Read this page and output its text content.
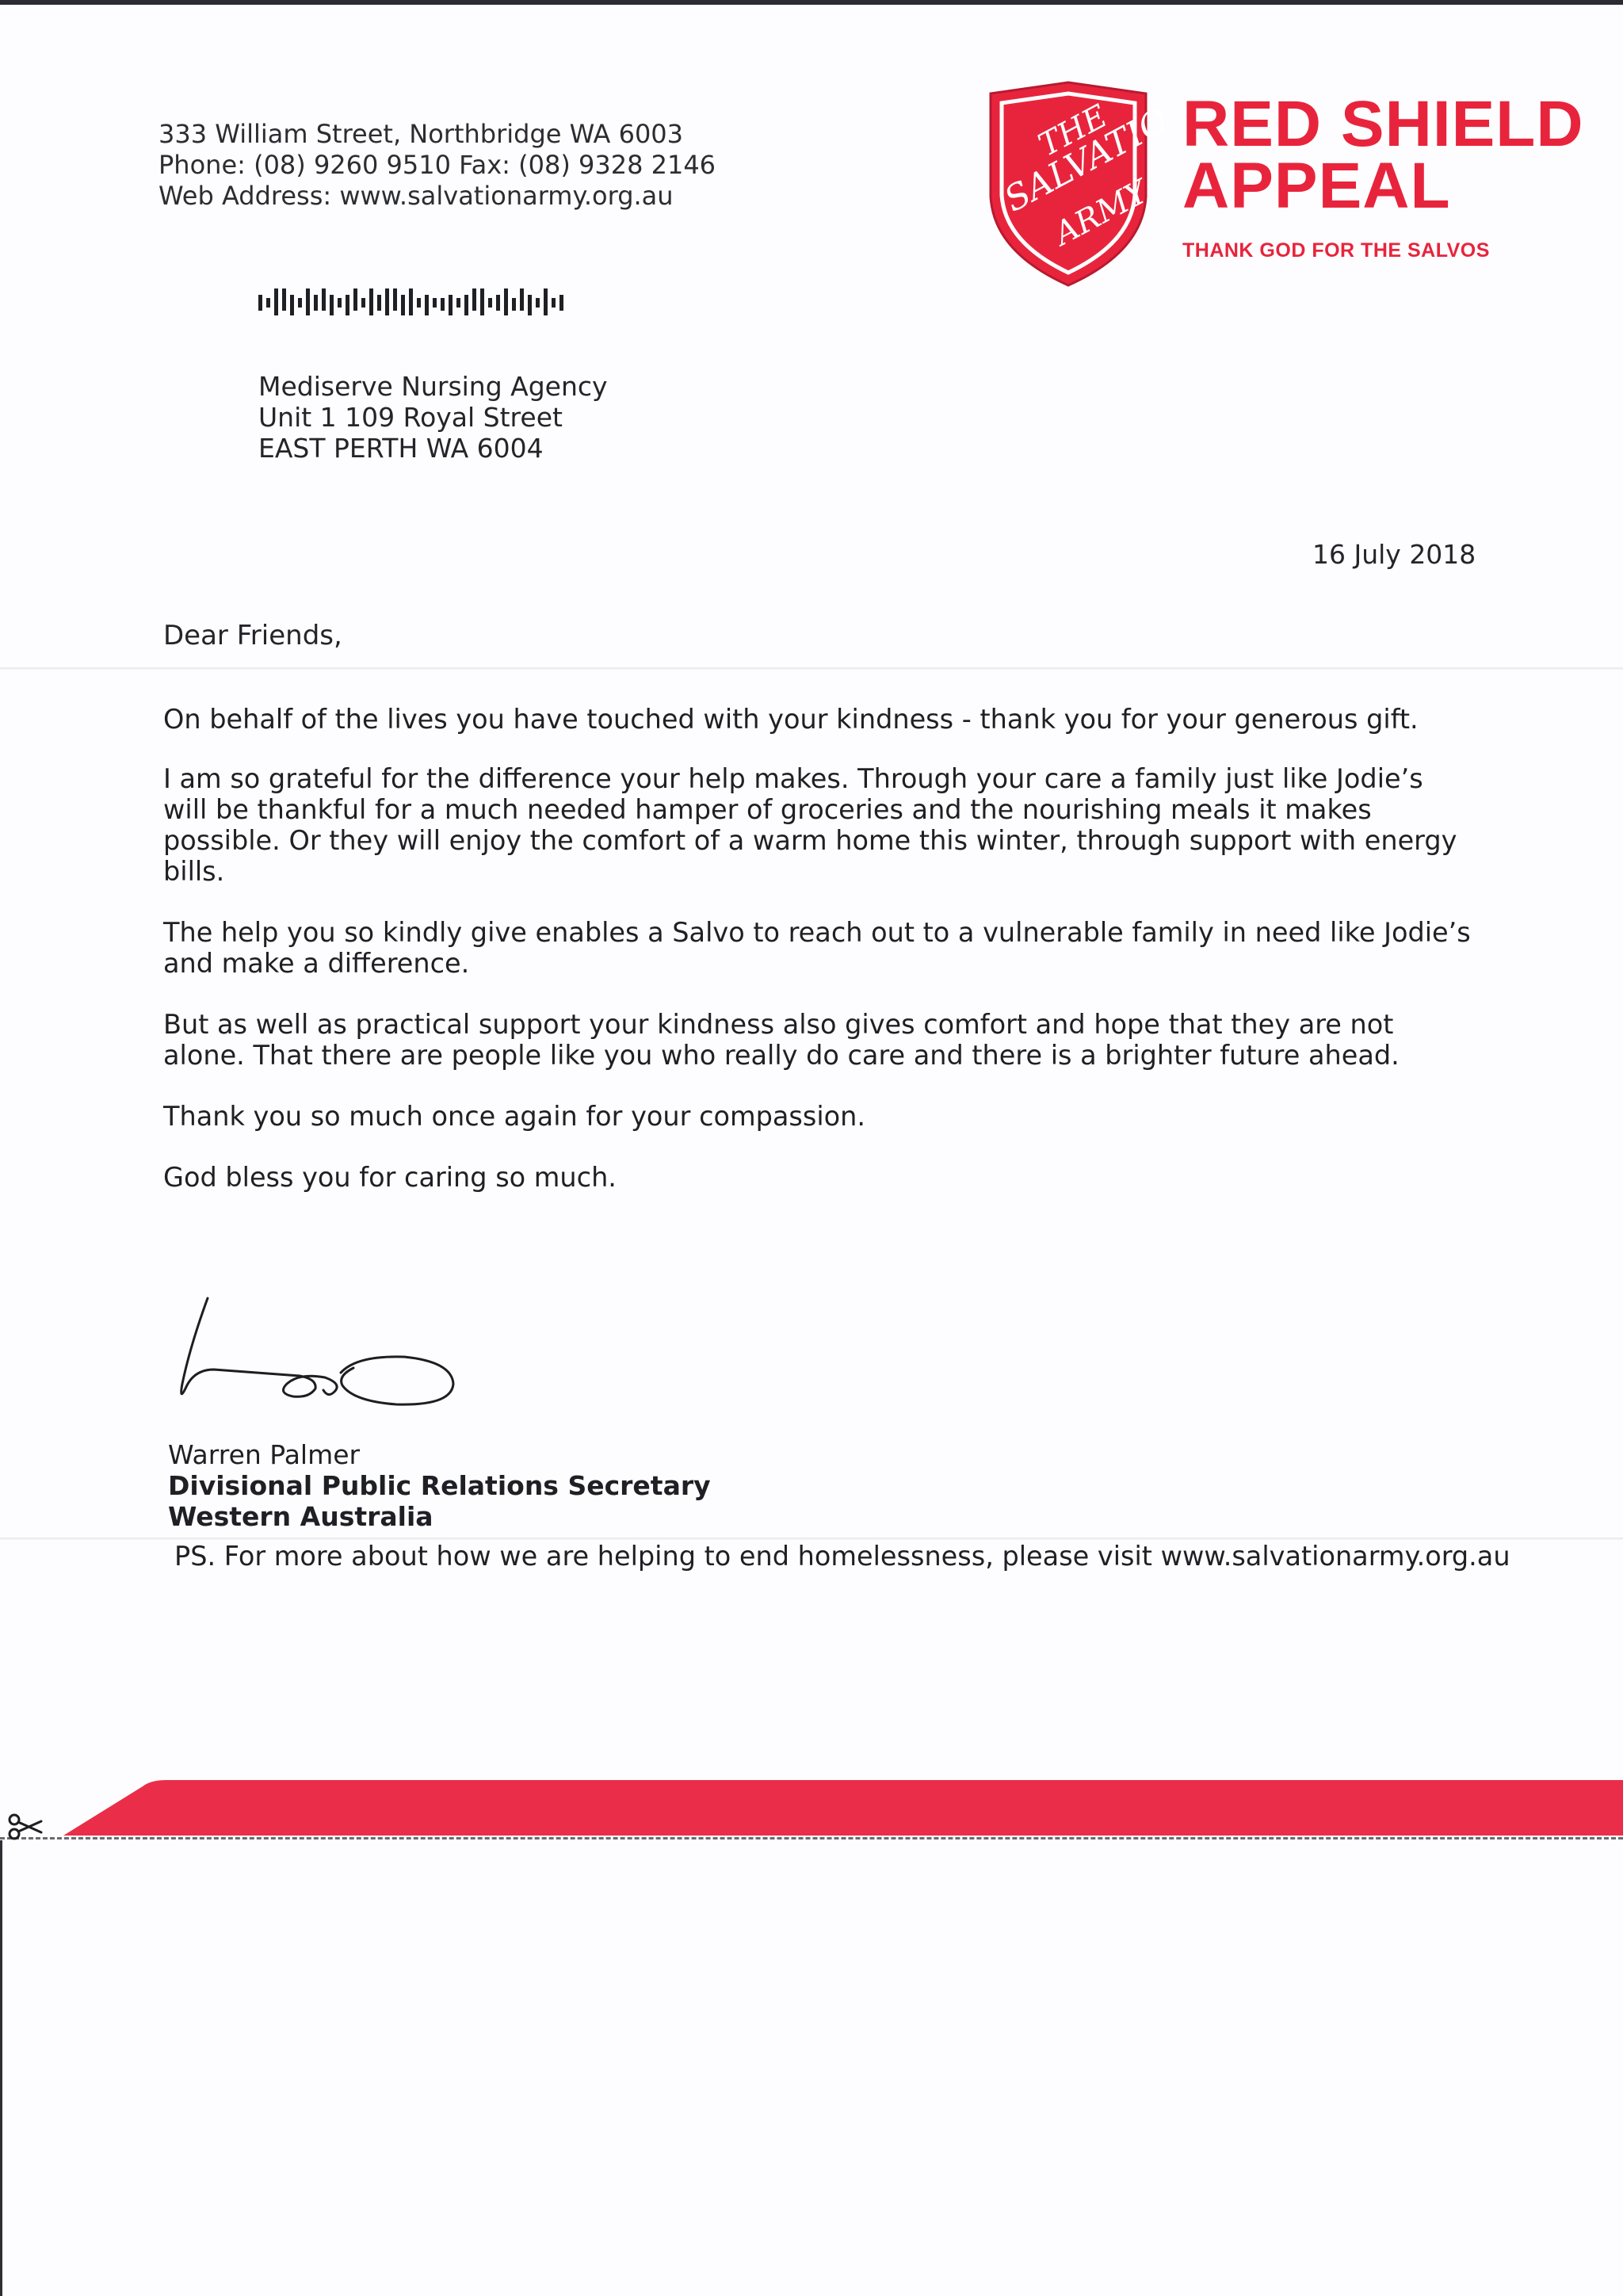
333 William Street, Northbridge WA 6003
Phone: (08) 9260 9510 Fax: (08) 9328 2146
Web Address: www.salvationarmy.org.au
THE
SALVATION
ARMY
RED SHIELD
APPEAL
THANK GOD FOR THE SALVOS
Mediserve Nursing Agency
Unit 1 109 Royal Street
EAST PERTH WA 6004
16 July 2018
Dear Friends,

On behalf of the lives you have touched with your kindness - thank you for your generous gift.

I am so grateful for the difference your help makes. Through your care a family just like Jodie’s will be thankful for a much needed hamper of groceries and the nourishing meals it makes possible. Or they will enjoy the comfort of a warm home this winter, through support with energy bills.

The help you so kindly give enables a Salvo to reach out to a vulnerable family in need like Jodie’s and make a difference.

But as well as practical support your kindness also gives comfort and hope that they are not alone. That there are people like you who really do care and there is a brighter future ahead.

Thank you so much once again for your compassion.

God bless you for caring so much.

Warren Palmer
Divisional Public Relations Secretary
Western Australia
PS. For more about how we are helping to end homelessness, please visit www.salvationarmy.org.au
